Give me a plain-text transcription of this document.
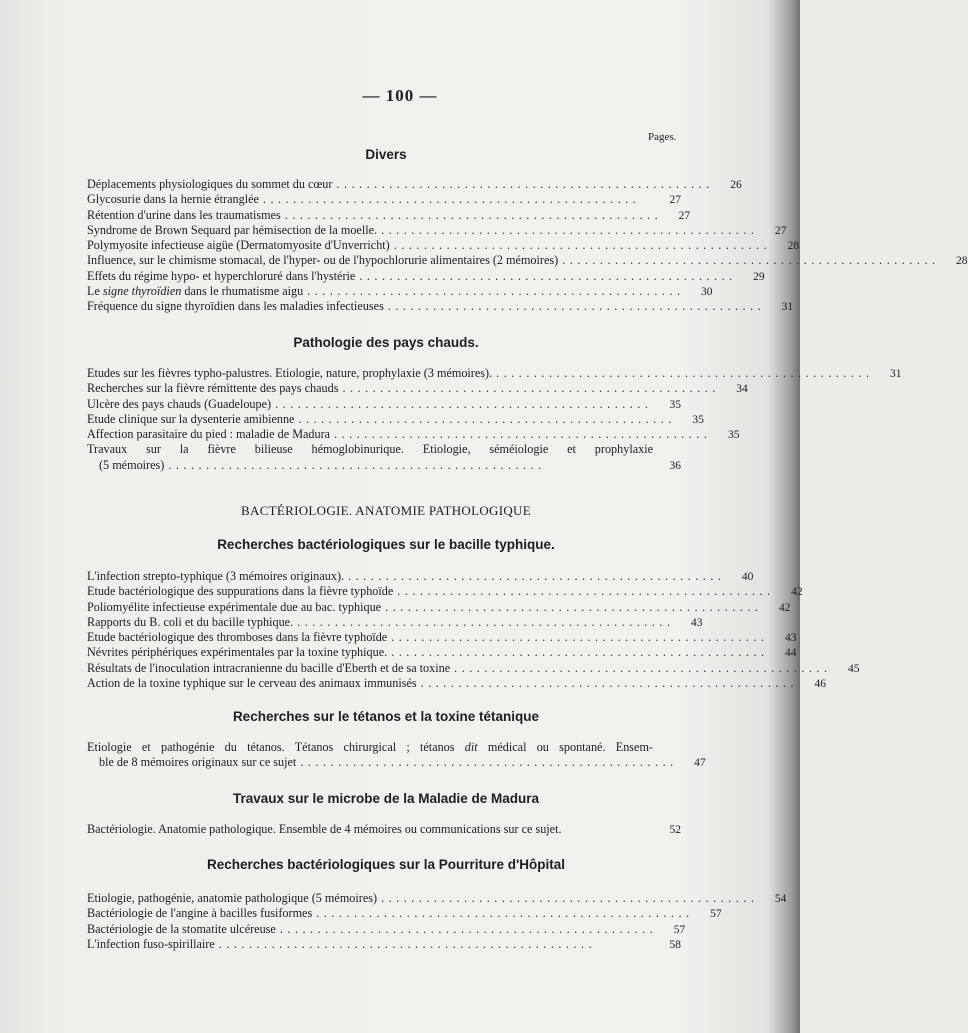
— 100 —
Pages.
Divers
Déplacements physiologiques du sommet du cœur ..................................................	26
Glycosurie dans la hernie étranglée ..................................................	27
Rétention d'urine dans les traumatismes ..................................................	27
Syndrome de Brown Sequard par hémisection de la moelle. ..................................................	27
Polymyosite infectieuse aigüe (Dermatomyosite d'Unverricht) ..................................................	28
Influence, sur le chimisme stomacal, de l'hyper- ou de l'hypochlorurie alimentaires (2 mémoires) ..................................................	28
Effets du régime hypo- et hyperchloruré dans l'hystérie ..................................................	29
Le signe thyroïdien dans le rhumatisme aigu ..................................................	30
Fréquence du signe thyroïdien dans les maladies infectieuses ..................................................	31
Pathologie des pays chauds.
Etudes sur les fièvres typho-palustres. Etiologie, nature, prophylaxie (3 mémoires). ..................................................	31
Recherches sur la fièvre rémittente des pays chauds ..................................................	34
Ulcère des pays chauds (Guadeloupe) ..................................................	35
Etude clinique sur la dysenterie amibienne ..................................................	35
Affection parasitaire du pied : maladie de Madura ..................................................	35
Travaux sur la fièvre bilieuse hémoglobinurique. Etiologie, séméiologie et prophylaxie
(5 mémoires) ..................................................	36
BACTÉRIOLOGIE. ANATOMIE PATHOLOGIQUE
Recherches bactériologiques sur le bacille typhique.
L'infection strepto-typhique (3 mémoires originaux). ..................................................	40
Etude bactériologique des suppurations dans la fièvre typhoïde ..................................................	42
Poliomyélite infectieuse expérimentale due au bac. typhique ..................................................	42
Rapports du B. coli et du bacille typhique. ..................................................	43
Etude bactériologique des thromboses dans la fièvre typhoïde ..................................................	43
Névrites périphériques expérimentales par la toxine typhique. ..................................................	44
Résultats de l'inoculation intracranienne du bacille d'Eberth et de sa toxine ..................................................	45
Action de la toxine typhique sur le cerveau des animaux immunisés ..................................................	46
Recherches sur le tétanos et la toxine tétanique
Etiologie et pathogénie du tétanos. Tétanos chirurgical ; tétanos dit médical ou spontané. Ensem-
ble de 8 mémoires originaux sur ce sujet ..................................................	47
Travaux sur le microbe de la Maladie de Madura
Bactériologie. Anatomie pathologique. Ensemble de 4 mémoires ou communications sur ce sujet.	52
Recherches bactériologiques sur la Pourriture d'Hôpital
Etiologie, pathogénie, anatomie pathologique (5 mémoires) ..................................................	54
Bactériologie de l'angine à bacilles fusiformes ..................................................	57
Bactériologie de la stomatite ulcéreuse ..................................................	57
L'infection fuso-spirillaire ..................................................	58
